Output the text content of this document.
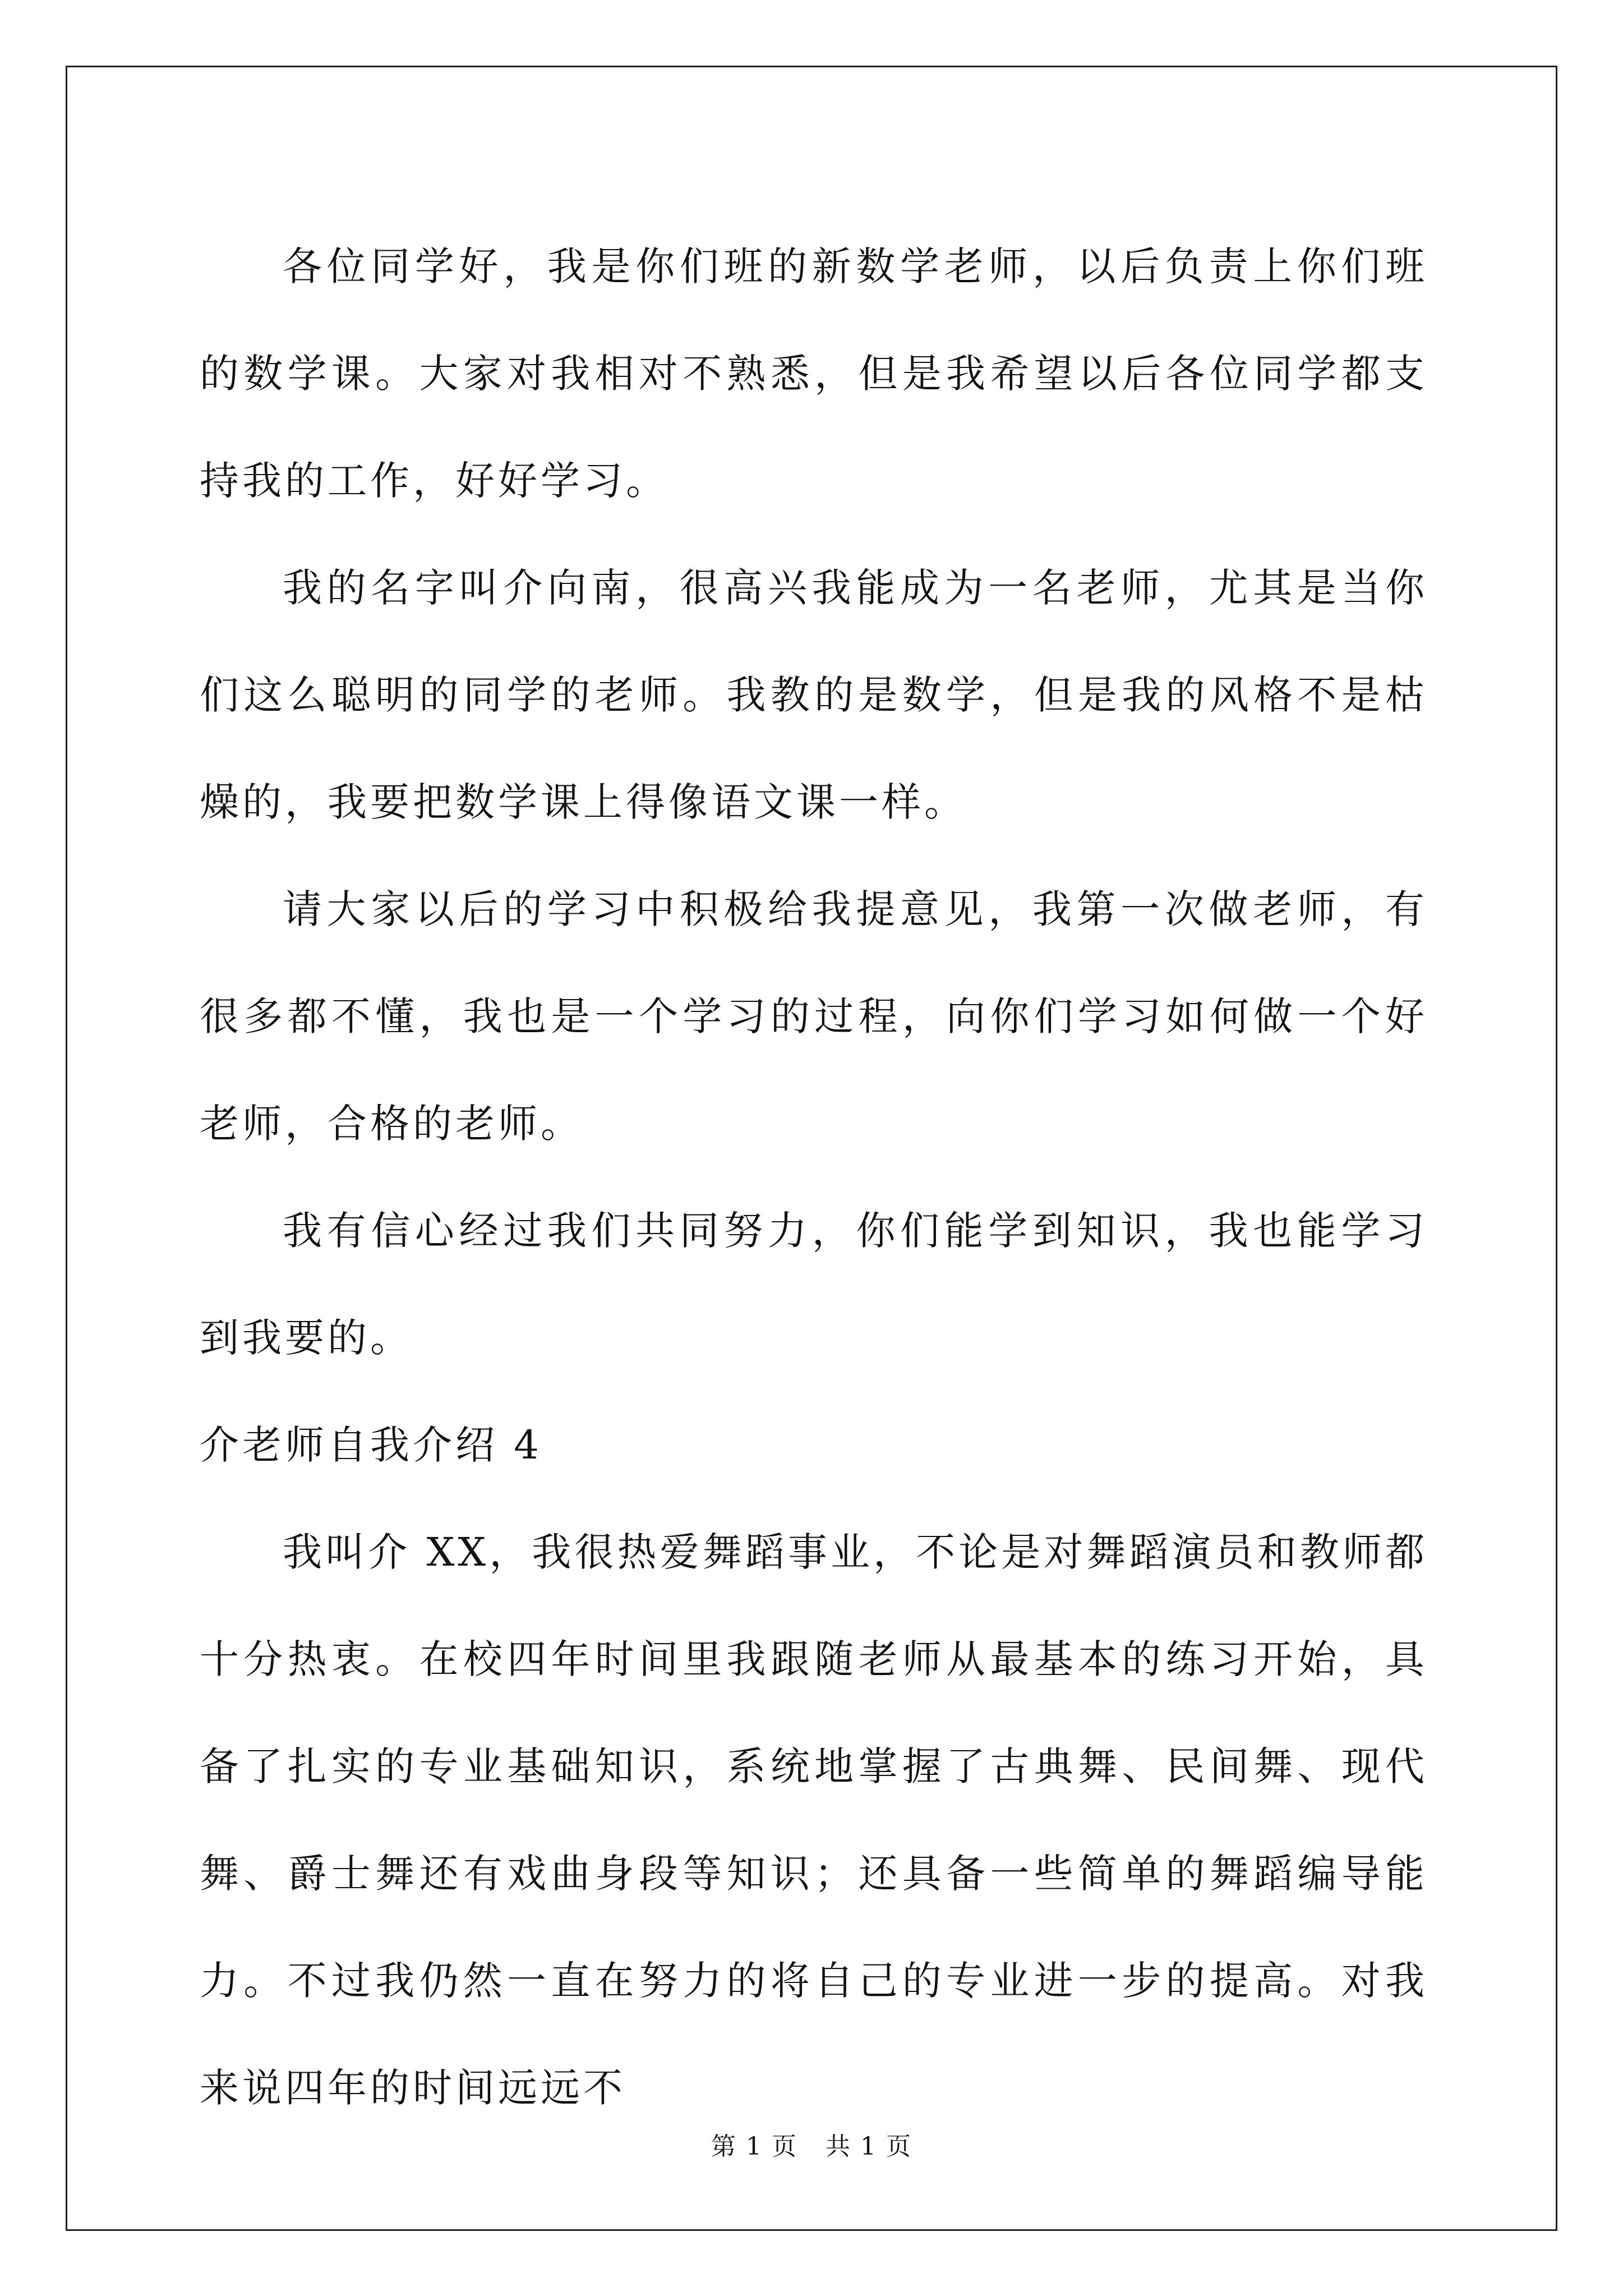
各位同学好，我是你们班的新数学老师，以后负责上你们班的数学课。大家对我相对不熟悉，但是我希望以后各位同学都支持我的工作，好好学习。

我的名字叫介向南，很高兴我能成为一名老师，尤其是当你们这么聪明的同学的老师。我教的是数学，但是我的风格不是枯燥的，我要把数学课上得像语文课一样。

请大家以后的学习中积极给我提意见，我第一次做老师，有很多都不懂，我也是一个学习的过程，向你们学习如何做一个好老师，合格的老师。

我有信心经过我们共同努力，你们能学到知识，我也能学习到我要的。

介老师自我介绍 4

我叫介 XX，我很热爱舞蹈事业，不论是对舞蹈演员和教师都十分热衷。在校四年时间里我跟随老师从最基本的练习开始，具备了扎实的专业基础知识，系统地掌握了古典舞、民间舞、现代舞、爵士舞还有戏曲身段等知识；还具备一些简单的舞蹈编导能力。不过我仍然一直在努力的将自己的专业进一步的提高。对我来说四年的时间远远不

第 1 页 共 1 页
